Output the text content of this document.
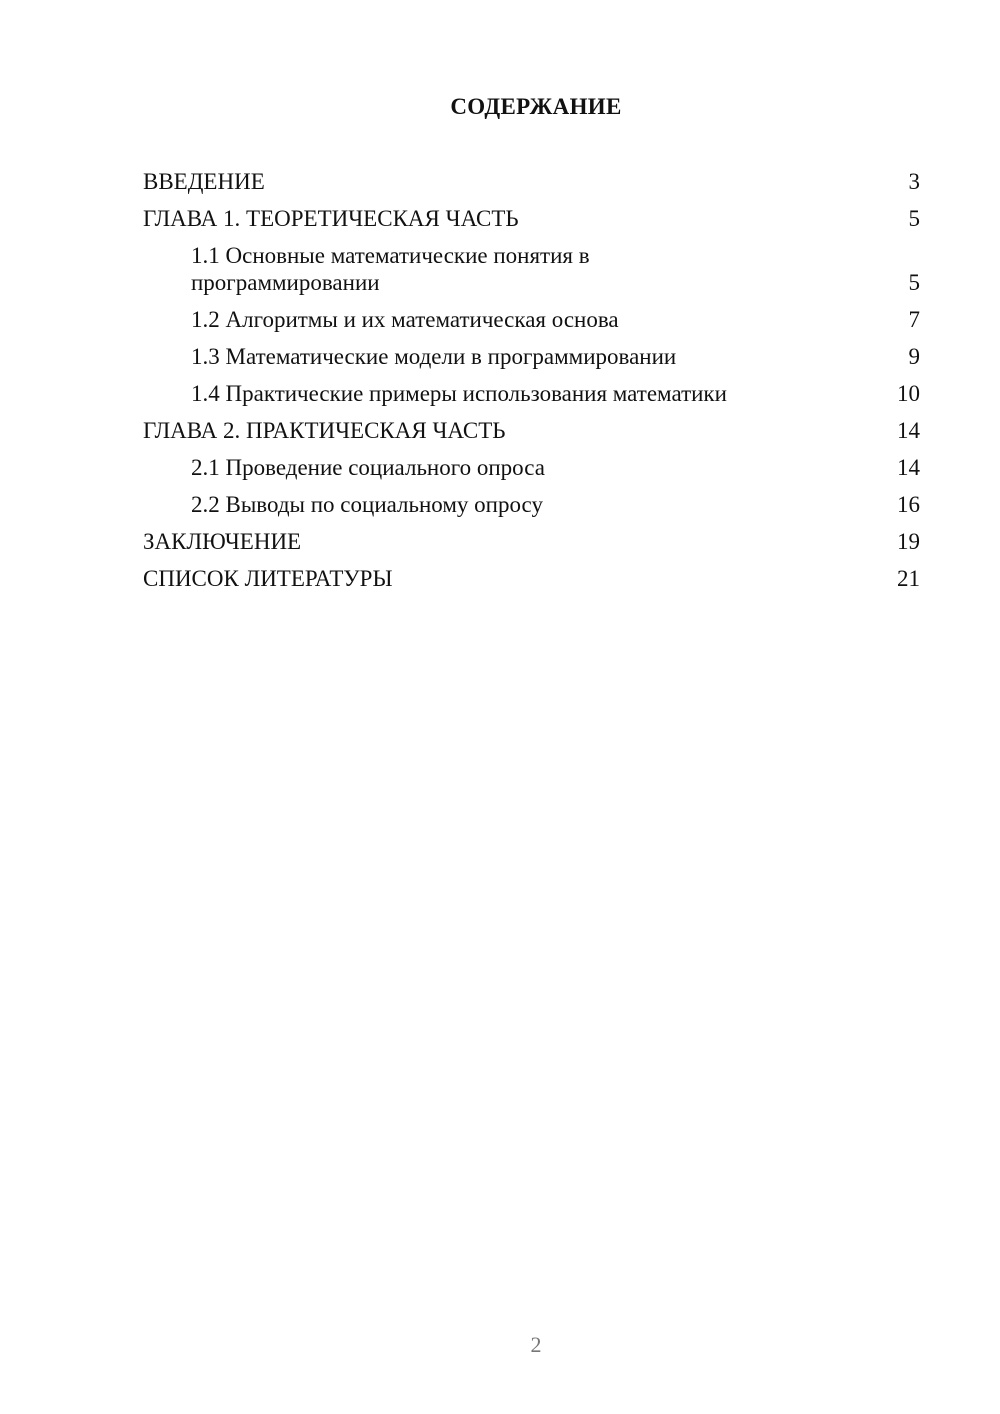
СОДЕРЖАНИЕ
ВВЕДЕНИЕ	3
ГЛАВА 1. ТЕОРЕТИЧЕСКАЯ ЧАСТЬ	5
1.1 Основные математические понятия в программировании	5
1.2 Алгоритмы и их математическая основа	7
1.3 Математические модели в программировании	9
1.4 Практические примеры использования математики	10
ГЛАВА 2. ПРАКТИЧЕСКАЯ ЧАСТЬ	14
2.1 Проведение социального опроса	14
2.2 Выводы по социальному опросу	16
ЗАКЛЮЧЕНИЕ	19
СПИСОК ЛИТЕРАТУРЫ	21
2
